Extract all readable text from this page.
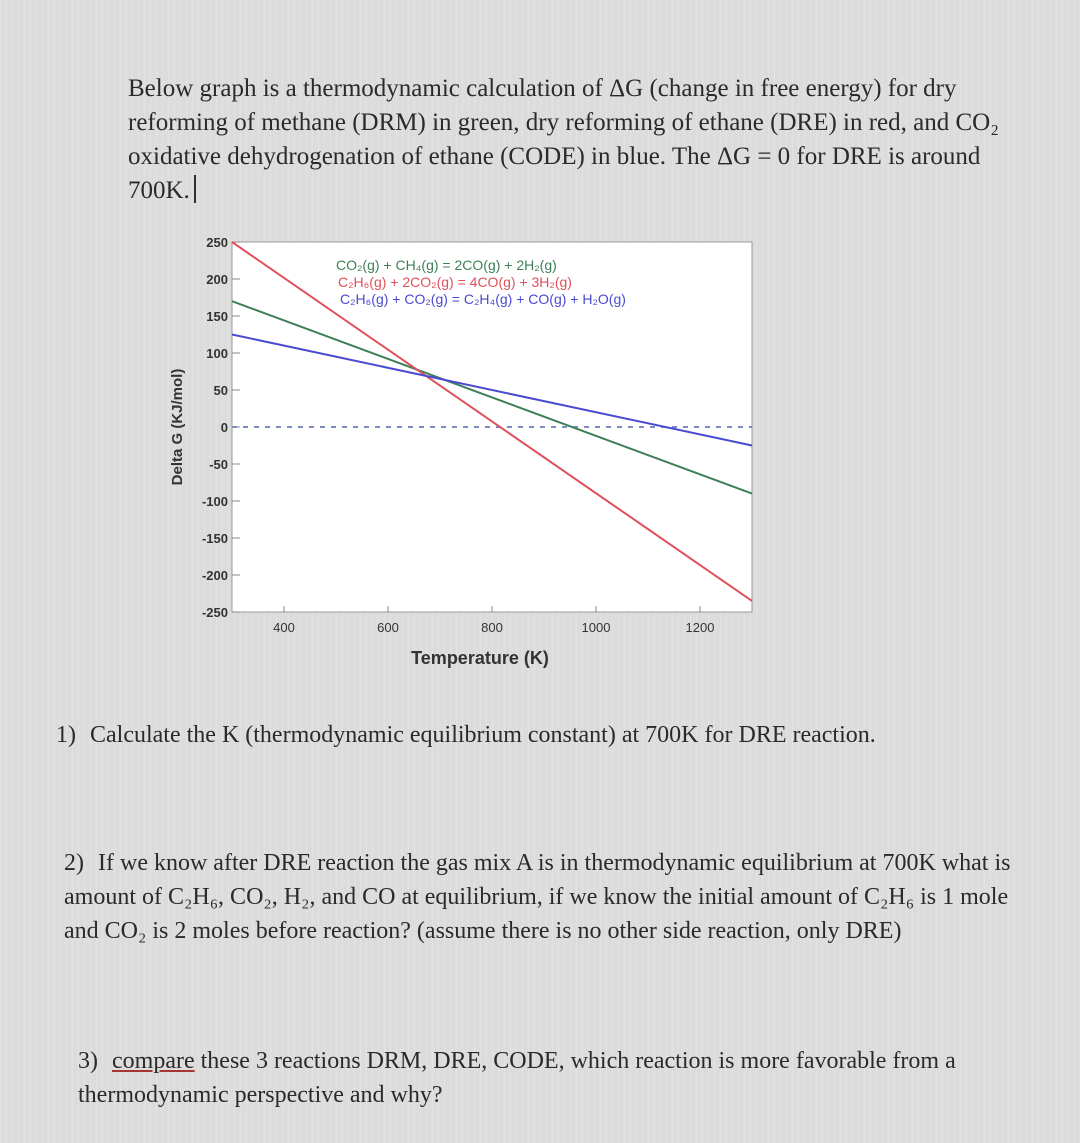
Below graph is a thermodynamic calculation of ΔG (change in free energy) for dry reforming of methane (DRM) in green, dry reforming of ethane (DRE) in red, and CO₂ oxidative dehydrogenation of ethane (CODE) in blue. The ΔG = 0 for DRE is around 700K.
250
200
150
100
50
0
-50
-100
-150
-200
-250
400	600	800	1000	1200
CO₂(g) + CH₄(g) = 2CO(g) + 2H₂(g)
C₂H₆(g) + 2CO₂(g) = 4CO(g) + 3H₂(g)
C₂H₆(g) + CO₂(g) = C₂H₄(g) + CO(g) + H₂O(g)
Temperature (K)
Delta G (KJ/mol)
1) Calculate the K (thermodynamic equilibrium constant) at 700K for DRE reaction.
2) If we know after DRE reaction the gas mix A is in thermodynamic equilibrium at 700K what is amount of C₂H₆, CO₂, H₂, and CO at equilibrium, if we know the initial amount of C₂H₆ is 1 mole and CO₂ is 2 moles before reaction? (assume there is no other side reaction, only DRE)
3) compare these 3 reactions DRM, DRE, CODE, which reaction is more favorable from a thermodynamic perspective and why?
